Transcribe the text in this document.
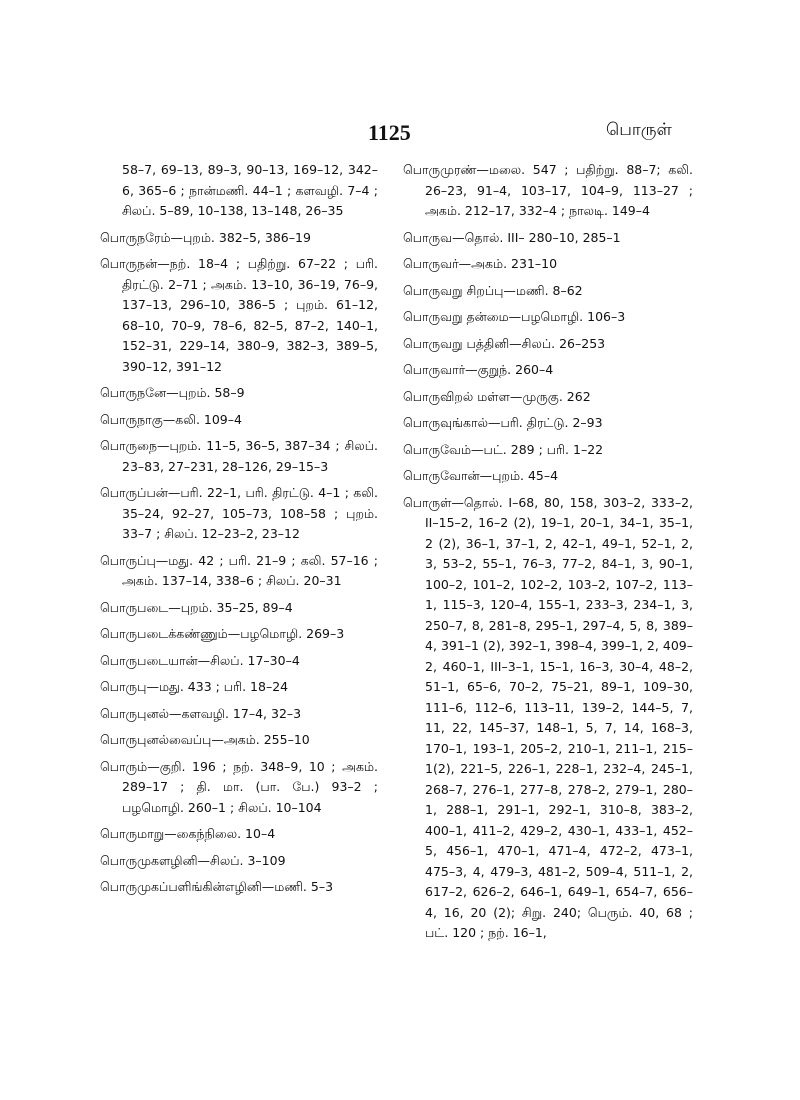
1125	பொருள்

58–7, 69–13, 89–3, 90–13, 169–12, 342–6, 365–6 ; நான்மணி. 44–1 ; களவழி. 7–4 ; சிலப். 5–89, 10–138, 13–148, 26–35

பொருநரேம்—புறம். 382–5, 386–19

பொருநன்—நற். 18–4 ; பதிற்று. 67–22 ; பரி. திரட்டு. 2–71 ; அகம். 13–10, 36–19, 76–9, 137–13, 296–10, 386–5 ; புறம். 61–12, 68–10, 70–9, 78–6, 82–5, 87–2, 140–1, 152–31, 229–14, 380–9, 382–3, 389–5, 390–12, 391–12

பொருநனே—புறம். 58–9

பொருநாகு—கலி. 109–4

பொருநை—புறம். 11–5, 36–5, 387–34 ; சிலப். 23–83, 27–231, 28–126, 29–15–3

பொருப்பன்—பரி. 22–1, பரி. திரட்டு. 4–1 ; கலி. 35–24, 92–27, 105–73, 108–58 ; புறம். 33–7 ; சிலப். 12–23–2, 23–12

பொருப்பு—மது. 42 ; பரி. 21–9 ; கலி. 57–16 ; அகம். 137–14, 338–6 ; சிலப். 20–31

பொருபடை—புறம். 35–25, 89–4

பொருபடைக்கண்ணும்—பழமொழி. 269–3

பொருபடையான்—சிலப். 17–30–4

பொருபு—மது. 433 ; பரி. 18–24

பொருபுனல்—களவழி. 17–4, 32–3

பொருபுனல்வைப்பு—அகம். 255–10

பொரும்—குறி. 196 ; நற். 348–9, 10 ; அகம். 289–17 ; தி. மா. (பா. பே.) 93–2 ; பழமொழி. 260–1 ; சிலப். 10–104

பொருமாறு—கைந்நிலை. 10–4

பொருமுகளழினி—சிலப். 3–109

பொருமுகப்பளிங்கின்எழினி—மணி. 5–3

பொருமுரண்—மலை. 547 ; பதிற்று. 88–7; கலி. 26–23, 91–4, 103–17, 104–9, 113–27 ; அகம். 212–17, 332–4 ; நாலடி. 149–4

பொருவ—தொல். III– 280–10, 285–1

பொருவர்—அகம். 231–10

பொருவறு சிறப்பு—மணி. 8–62

பொருவறு தன்மை—பழமொழி. 106–3

பொருவறு பத்தினி—சிலப். 26–253

பொருவார்—குறுந். 260–4

பொருவிறல் மள்ள—முருகு. 262

பொருவுங்கால்—பரி. திரட்டு. 2–93

பொருவேம்—பட். 289 ; பரி. 1–22

பொருவோன்—புறம். 45–4

பொருள்—தொல். I–68, 80, 158, 303–2, 333–2, II–15–2, 16–2 (2), 19–1, 20–1, 34–1, 35–1, 2 (2), 36–1, 37–1, 2, 42–1, 49–1, 52–1, 2, 3, 53–2, 55–1, 76–3, 77–2, 84–1, 3, 90–1, 100–2, 101–2, 102–2, 103–2, 107–2, 113–1, 115–3, 120–4, 155–1, 233–3, 234–1, 3, 250–7, 8, 281–8, 295–1, 297–4, 5, 8, 389–4, 391–1 (2), 392–1, 398–4, 399–1, 2, 409–2, 460–1, III–3–1, 15–1, 16–3, 30–4, 48–2, 51–1, 65–6, 70–2, 75–21, 89–1, 109–30, 111–6, 112–6, 113–11, 139–2, 144–5, 7, 11, 22, 145–37, 148–1, 5, 7, 14, 168–3, 170–1, 193–1, 205–2, 210–1, 211–1, 215–1(2), 221–5, 226–1, 228–1, 232–4, 245–1, 268–7, 276–1, 277–8, 278–2, 279–1, 280–1, 288–1, 291–1, 292–1, 310–8, 383–2, 400–1, 411–2, 429–2, 430–1, 433–1, 452–5, 456–1, 470–1, 471–4, 472–2, 473–1, 475–3, 4, 479–3, 481–2, 509–4, 511–1, 2, 617–2, 626–2, 646–1, 649–1, 654–7, 656–4, 16, 20 (2); சிறு. 240; பெரும். 40, 68 ; பட். 120 ; நற். 16–1,
